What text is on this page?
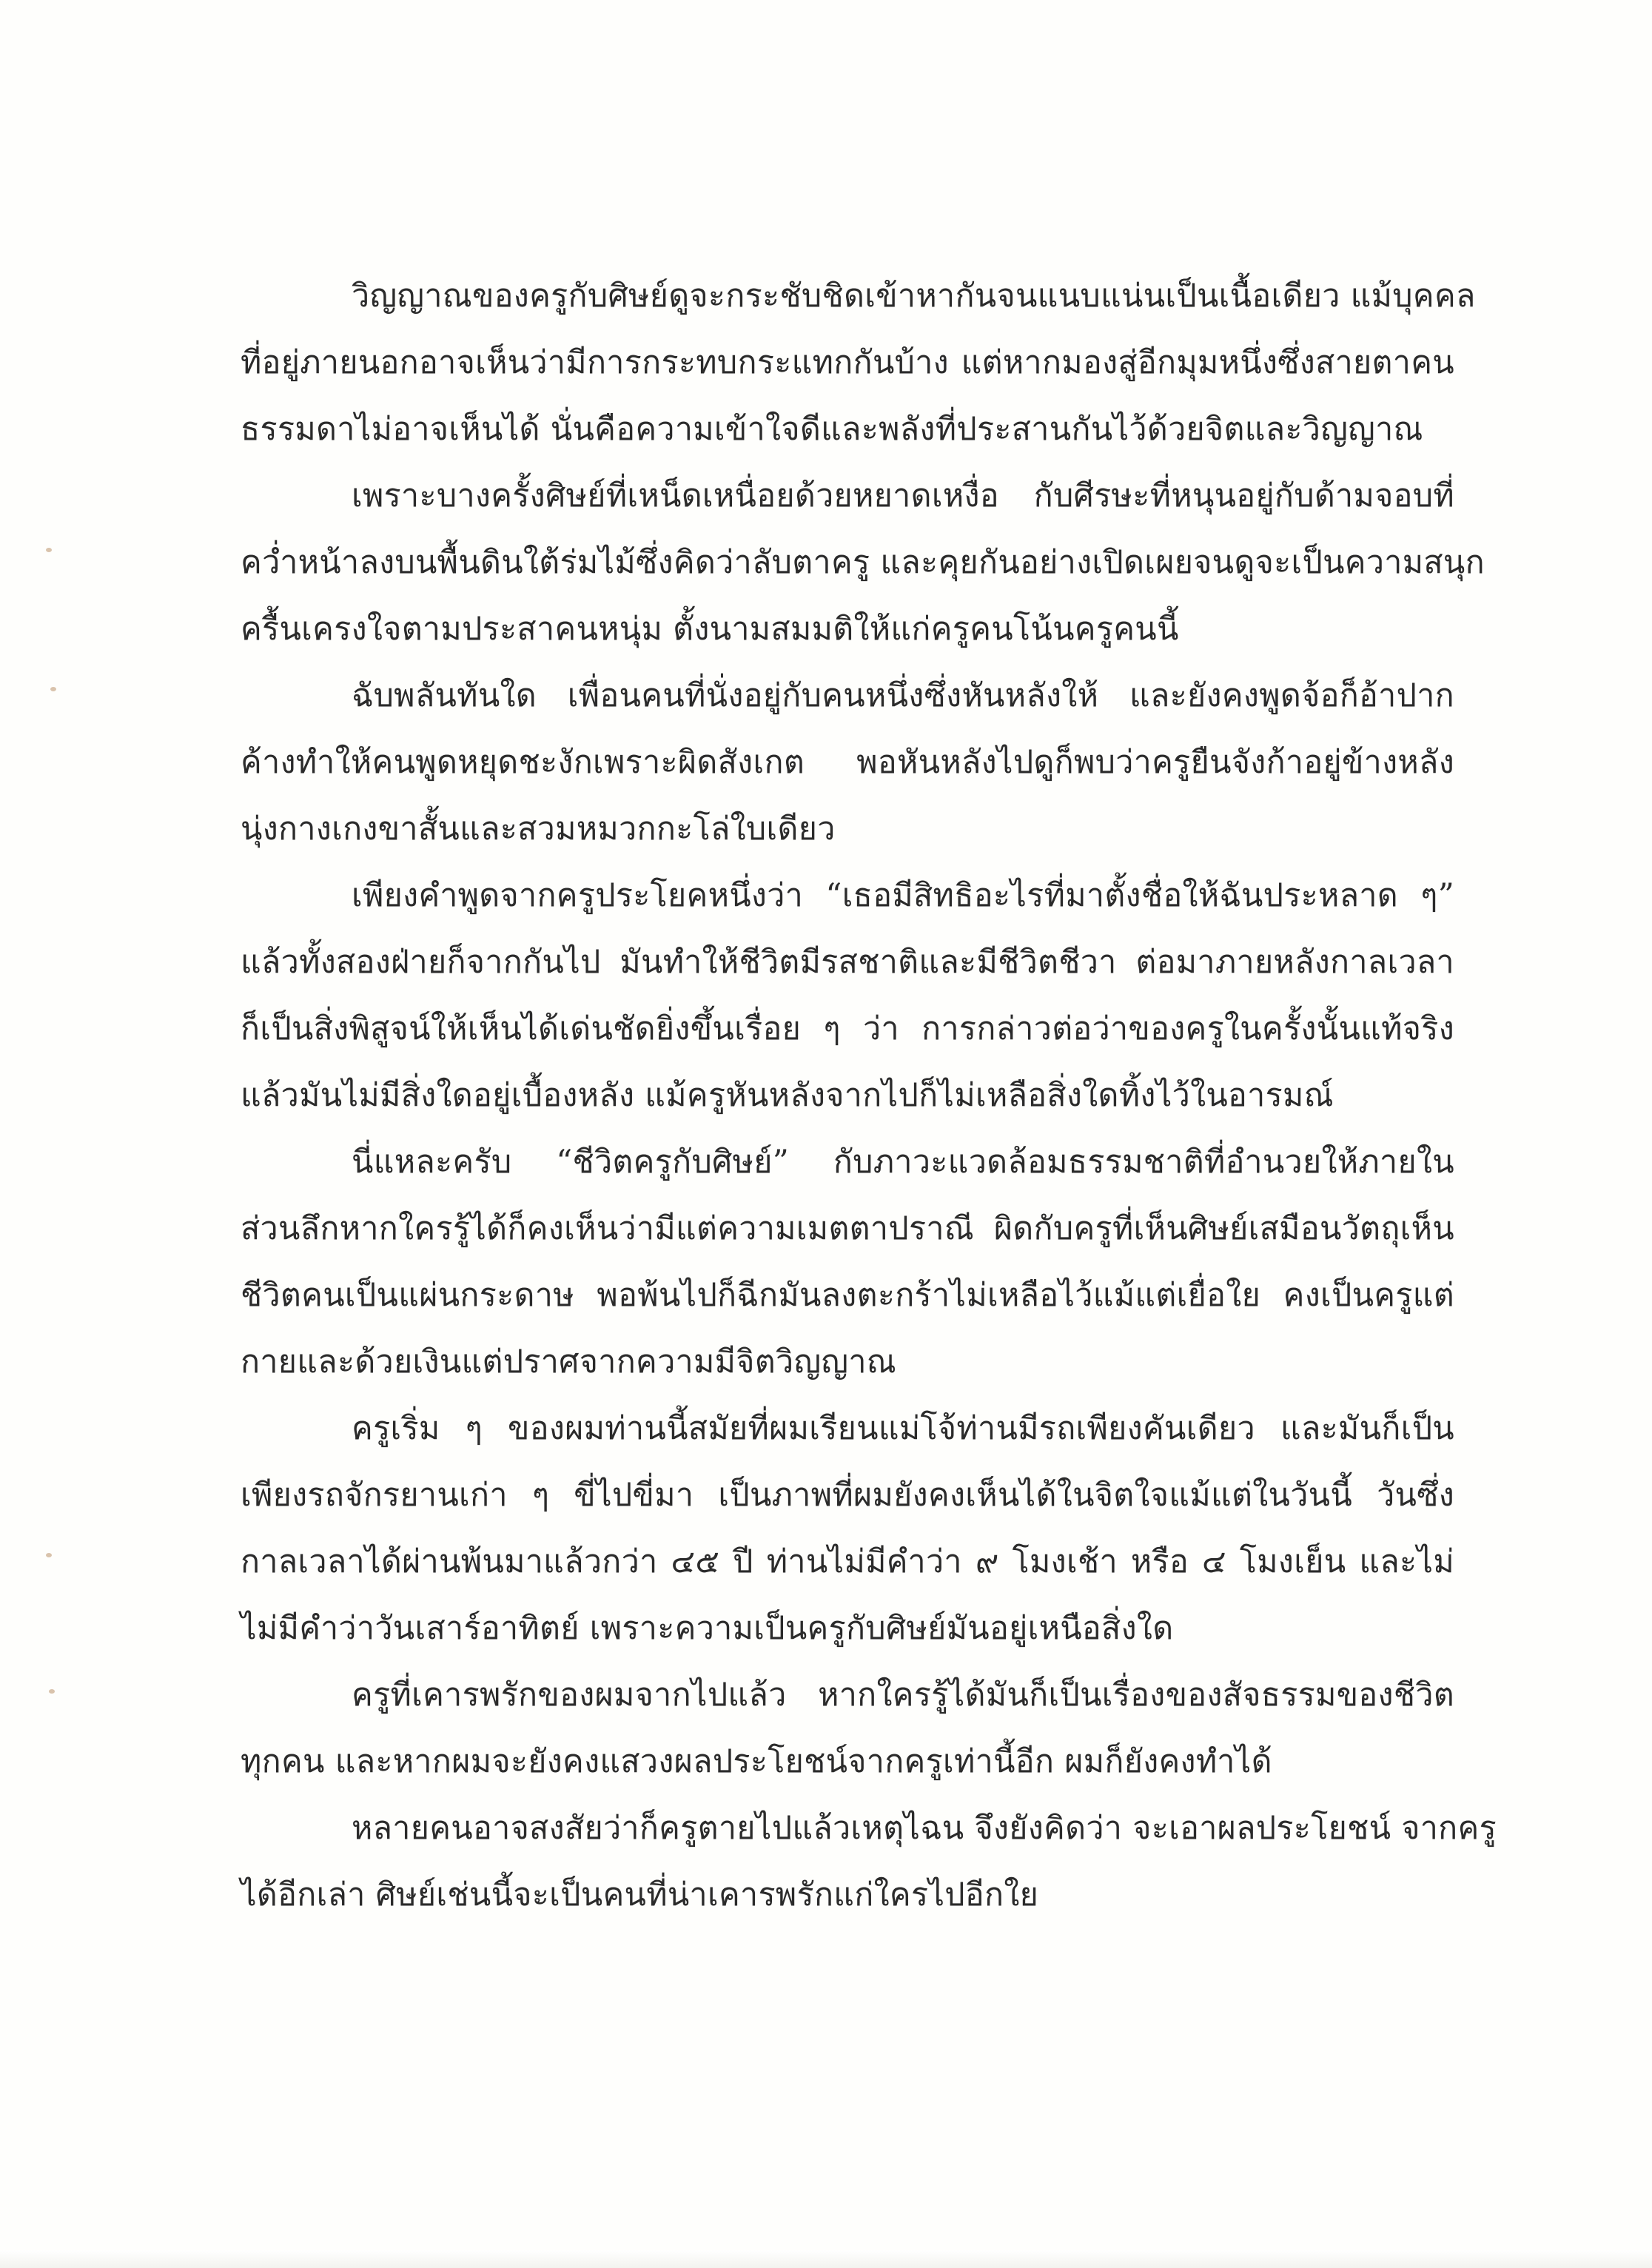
วิญญาณของครูกับศิษย์ดูจะกระชับชิดเข้าหากันจนแนบแน่นเป็นเนื้อเดียว แม้บุคคล
ที่อยู่ภายนอกอาจเห็นว่ามีการกระทบกระแทกกันบ้าง แต่หากมองสู่อีกมุมหนึ่งซึ่งสายตาคน
ธรรมดาไม่อาจเห็นได้ นั่นคือความเข้าใจดีและพลังที่ประสานกันไว้ด้วยจิตและวิญญาณ
เพราะบางครั้งศิษย์ที่เหน็ดเหนื่อยด้วยหยาดเหงื่อ กับศีรษะที่หนุนอยู่กับด้ามจอบที่
คว่ำหน้าลงบนพื้นดินใต้ร่มไม้ซึ่งคิดว่าลับตาครู และคุยกันอย่างเปิดเผยจนดูจะเป็นความสนุก
ครื้นเครงใจตามประสาคนหนุ่ม ตั้งนามสมมติให้แก่ครูคนโน้นครูคนนี้
ฉับพลันทันใด เพื่อนคนที่นั่งอยู่กับคนหนึ่งซึ่งหันหลังให้ และยังคงพูดจ้อก็อ้าปาก
ค้างทำให้คนพูดหยุดชะงักเพราะผิดสังเกต พอหันหลังไปดูก็พบว่าครูยืนจังก้าอยู่ข้างหลัง
นุ่งกางเกงขาสั้นและสวมหมวกกะโล่ใบเดียว
เพียงคำพูดจากครูประโยคหนึ่งว่า “เธอมีสิทธิอะไรที่มาตั้งชื่อให้ฉันประหลาด ๆ”
แล้วทั้งสองฝ่ายก็จากกันไป มันทำให้ชีวิตมีรสชาติและมีชีวิตชีวา ต่อมาภายหลังกาลเวลา
ก็เป็นสิ่งพิสูจน์ให้เห็นได้เด่นชัดยิ่งขึ้นเรื่อย ๆ ว่า การกล่าวต่อว่าของครูในครั้งนั้นแท้จริง
แล้วมันไม่มีสิ่งใดอยู่เบื้องหลัง แม้ครูหันหลังจากไปก็ไม่เหลือสิ่งใดทิ้งไว้ในอารมณ์
นี่แหละครับ “ชีวิตครูกับศิษย์” กับภาวะแวดล้อมธรรมชาติที่อำนวยให้ภายใน
ส่วนลึกหากใครรู้ได้ก็คงเห็นว่ามีแต่ความเมตตาปราณี ผิดกับครูที่เห็นศิษย์เสมือนวัตถุเห็น
ชีวิตคนเป็นแผ่นกระดาษ พอพ้นไปก็ฉีกมันลงตะกร้าไม่เหลือไว้แม้แต่เยื่อใย คงเป็นครูแต่
กายและด้วยเงินแต่ปราศจากความมีจิตวิญญาณ
ครูเริ่ม ๆ ของผมท่านนี้สมัยที่ผมเรียนแม่โจ้ท่านมีรถเพียงคันเดียว และมันก็เป็น
เพียงรถจักรยานเก่า ๆ ขี่ไปขี่มา เป็นภาพที่ผมยังคงเห็นได้ในจิตใจแม้แต่ในวันนี้ วันซึ่ง
กาลเวลาได้ผ่านพ้นมาแล้วกว่า ๔๕ ปี ท่านไม่มีคำว่า ๙ โมงเช้า หรือ ๔ โมงเย็น และไม่
ไม่มีคำว่าวันเสาร์อาทิตย์ เพราะความเป็นครูกับศิษย์มันอยู่เหนือสิ่งใด
ครูที่เคารพรักของผมจากไปแล้ว หากใครรู้ได้มันก็เป็นเรื่องของสัจธรรมของชีวิต
ทุกคน และหากผมจะยังคงแสวงผลประโยชน์จากครูเท่านี้อีก ผมก็ยังคงทำได้
หลายคนอาจสงสัยว่าก็ครูตายไปแล้วเหตุไฉน จึงยังคิดว่า จะเอาผลประโยชน์ จากครู
ได้อีกเล่า ศิษย์เช่นนี้จะเป็นคนที่น่าเคารพรักแก่ใครไปอีกใย
